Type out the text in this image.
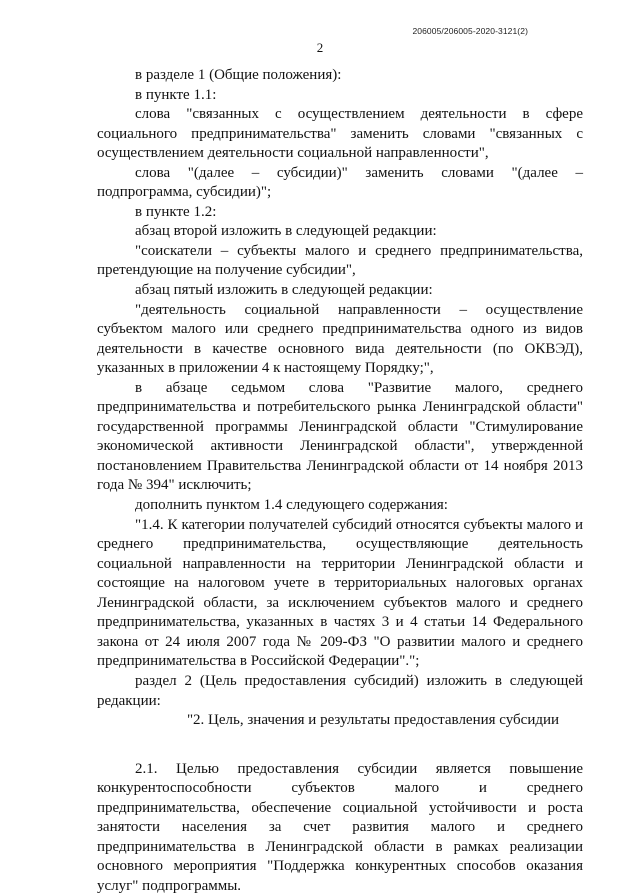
206005/206005-2020-3121(2)
2

в разделе 1 (Общие положения):

в пункте 1.1:

слова "связанных с осуществлением деятельности в сфере социального предпринимательства" заменить словами "связанных с осуществлением деятельности социальной направленности",

слова "(далее – субсидии)" заменить словами "(далее – подпрограмма, субсидии)";

в пункте 1.2:

абзац второй изложить в следующей редакции:

"соискатели – субъекты малого и среднего предпринимательства, претендующие на получение субсидии",

абзац пятый изложить в следующей редакции:

"деятельность социальной направленности – осуществление субъектом малого или среднего предпринимательства одного из видов деятельности в качестве основного вида деятельности (по ОКВЭД), указанных в приложении 4 к настоящему Порядку;",

в абзаце седьмом слова "Развитие малого, среднего предпринимательства и потребительского рынка Ленинградской области" государственной программы Ленинградской области "Стимулирование экономической активности Ленинградской области", утвержденной постановлением Правительства Ленинградской области от 14 ноября 2013 года № 394" исключить;

дополнить пунктом 1.4 следующего содержания:

"1.4. К категории получателей субсидий относятся субъекты малого и среднего предпринимательства, осуществляющие деятельность социальной направленности на территории Ленинградской области и состоящие на налоговом учете в территориальных налоговых органах Ленинградской области, за исключением субъектов малого и среднего предпринимательства, указанных в частях 3 и 4 статьи 14 Федерального закона от 24 июля 2007 года № 209-ФЗ "О развитии малого и среднего предпринимательства в Российской Федерации".";

раздел 2 (Цель предоставления субсидий) изложить в следующей редакции:

"2. Цель, значения и результаты предоставления субсидии

2.1. Целью предоставления субсидии является повышение конкурентоспособности субъектов малого и среднего предпринимательства, обеспечение социальной устойчивости и роста занятости населения за счет развития малого и среднего предпринимательства в Ленинградской области в рамках реализации основного мероприятия "Поддержка конкурентных способов оказания услуг" подпрограммы.
